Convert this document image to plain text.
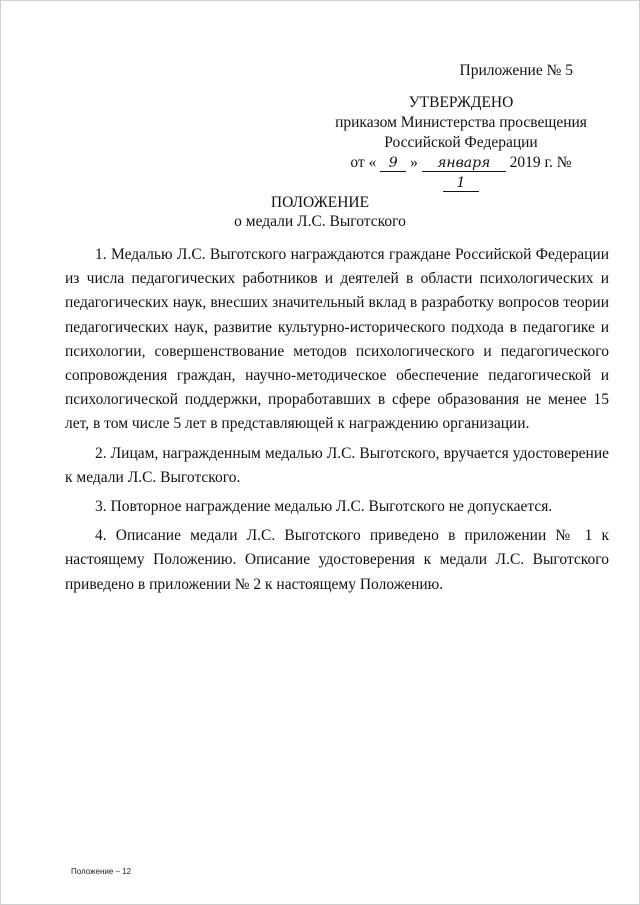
Приложение № 5
УТВЕРЖДЕНО
приказом Министерства просвещения
Российской Федерации
от « 9 » января 2019 г. № 1
ПОЛОЖЕНИЕ
о медали Л.С. Выготского

1. Медалью Л.С. Выготского награждаются граждане Российской Федерации из числа педагогических работников и деятелей в области психологических и педагогических наук, внесших значительный вклад в разработку вопросов теории педагогических наук, развитие культурно-исторического подхода в педагогике и психологии, совершенствование методов психологического и педагогического сопровождения граждан, научно-методическое обеспечение педагогической и психологической поддержки, проработавших в сфере образования не менее 15 лет, в том числе 5 лет в представляющей к награждению организации.

2. Лицам, награжденным медалью Л.С. Выготского, вручается удостоверение к медали Л.С. Выготского.

3. Повторное награждение медалью Л.С. Выготского не допускается.

4. Описание медали Л.С. Выготского приведено в приложении № 1 к настоящему Положению. Описание удостоверения к медали Л.С. Выготского приведено в приложении № 2 к настоящему Положению.

Положение – 12
